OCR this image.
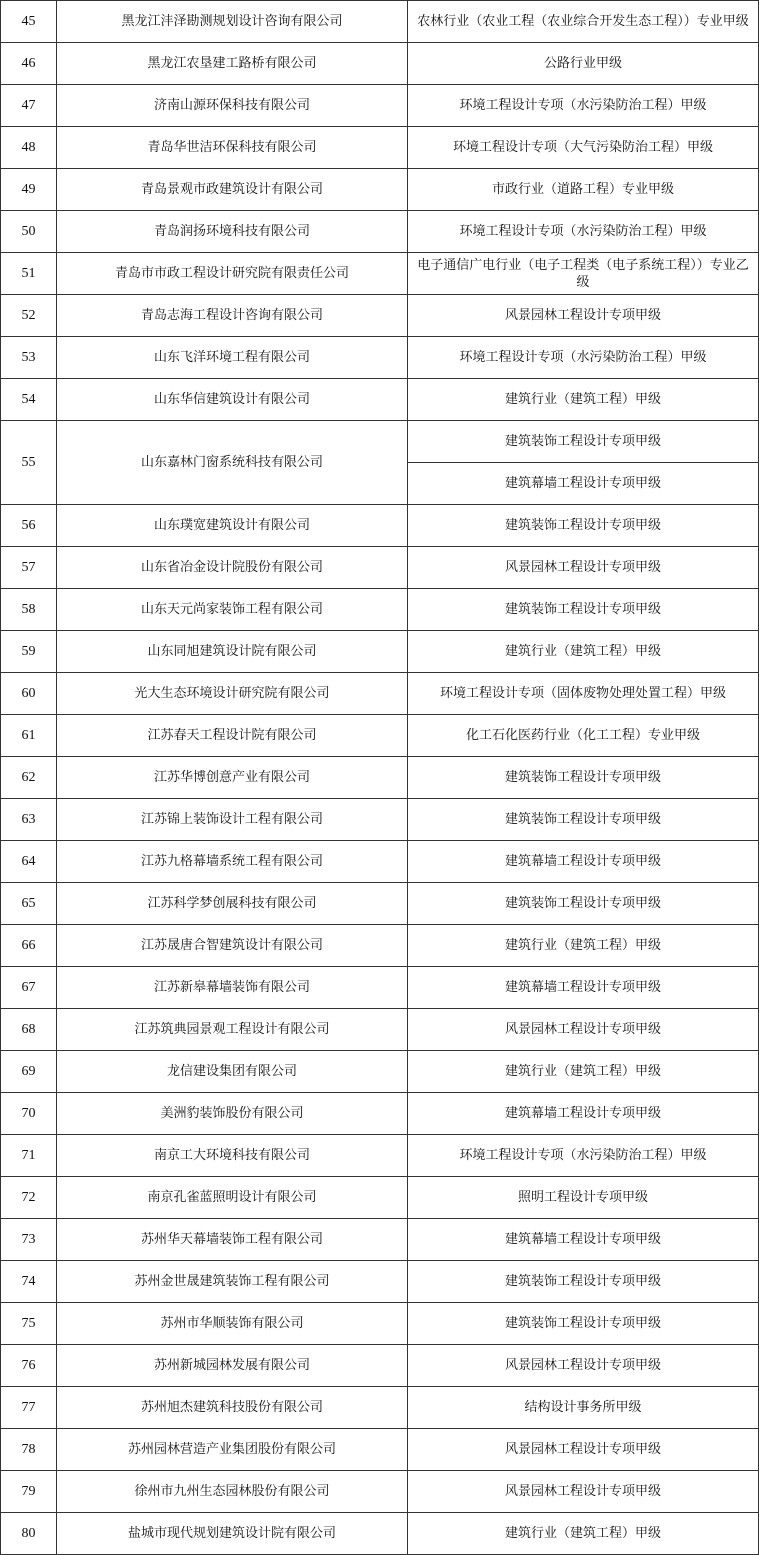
45	黑龙江沣泽勘测规划设计咨询有限公司	农林行业（农业工程（农业综合开发生态工程））专业甲级
46	黑龙江农垦建工路桥有限公司	公路行业甲级
47	济南山源环保科技有限公司	环境工程设计专项（水污染防治工程）甲级
48	青岛华世洁环保科技有限公司	环境工程设计专项（大气污染防治工程）甲级
49	青岛景观市政建筑设计有限公司	市政行业（道路工程）专业甲级
50	青岛润扬环境科技有限公司	环境工程设计专项（水污染防治工程）甲级
51	青岛市市政工程设计研究院有限责任公司	电子通信广电行业（电子工程类（电子系统工程））专业乙级
52	青岛志海工程设计咨询有限公司	风景园林工程设计专项甲级
53	山东飞洋环境工程有限公司	环境工程设计专项（水污染防治工程）甲级
54	山东华信建筑设计有限公司	建筑行业（建筑工程）甲级
55	山东嘉林门窗系统科技有限公司	建筑装饰工程设计专项甲级
		建筑幕墙工程设计专项甲级
56	山东璞宽建筑设计有限公司	建筑装饰工程设计专项甲级
57	山东省冶金设计院股份有限公司	风景园林工程设计专项甲级
58	山东天元尚家装饰工程有限公司	建筑装饰工程设计专项甲级
59	山东同旭建筑设计院有限公司	建筑行业（建筑工程）甲级
60	光大生态环境设计研究院有限公司	环境工程设计专项（固体废物处理处置工程）甲级
61	江苏春天工程设计院有限公司	化工石化医药行业（化工工程）专业甲级
62	江苏华博创意产业有限公司	建筑装饰工程设计专项甲级
63	江苏锦上装饰设计工程有限公司	建筑装饰工程设计专项甲级
64	江苏九格幕墙系统工程有限公司	建筑幕墙工程设计专项甲级
65	江苏科学梦创展科技有限公司	建筑装饰工程设计专项甲级
66	江苏晟唐合智建筑设计有限公司	建筑行业（建筑工程）甲级
67	江苏新皋幕墙装饰有限公司	建筑幕墙工程设计专项甲级
68	江苏筑典园景观工程设计有限公司	风景园林工程设计专项甲级
69	龙信建设集团有限公司	建筑行业（建筑工程）甲级
70	美洲豹装饰股份有限公司	建筑幕墙工程设计专项甲级
71	南京工大环境科技有限公司	环境工程设计专项（水污染防治工程）甲级
72	南京孔雀蓝照明设计有限公司	照明工程设计专项甲级
73	苏州华天幕墙装饰工程有限公司	建筑幕墙工程设计专项甲级
74	苏州金世晟建筑装饰工程有限公司	建筑装饰工程设计专项甲级
75	苏州市华顺装饰有限公司	建筑装饰工程设计专项甲级
76	苏州新城园林发展有限公司	风景园林工程设计专项甲级
77	苏州旭杰建筑科技股份有限公司	结构设计事务所甲级
78	苏州园林营造产业集团股份有限公司	风景园林工程设计专项甲级
79	徐州市九州生态园林股份有限公司	风景园林工程设计专项甲级
80	盐城市现代规划建筑设计院有限公司	建筑行业（建筑工程）甲级
